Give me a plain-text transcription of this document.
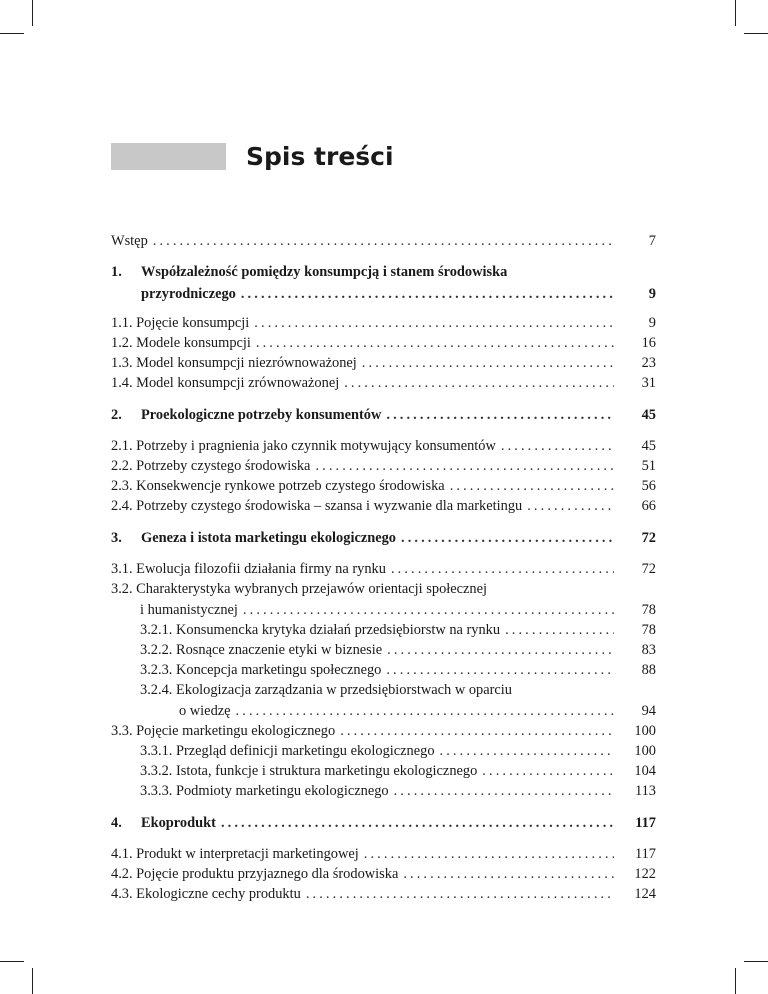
Spis treści
Wstęp .....	7
1.	Współzależność pomiędzy konsumpcją i stanem środowiska
przyrodniczego .....	9
1.1. Pojęcie konsumpcji .....	9
1.2. Modele konsumpcji .....	16
1.3. Model konsumpcji niezrównoważonej .....	23
1.4. Model konsumpcji zrównoważonej .....	31
2.	Proekologiczne potrzeby konsumentów .....	45
2.1. Potrzeby i pragnienia jako czynnik motywujący konsumentów .....	45
2.2. Potrzeby czystego środowiska .....	51
2.3. Konsekwencje rynkowe potrzeb czystego środowiska .....	56
2.4. Potrzeby czystego środowiska – szansa i wyzwanie dla marketingu .....	66
3.	Geneza i istota marketingu ekologicznego .....	72
3.1. Ewolucja filozofii działania firmy na rynku .....	72
3.2. Charakterystyka wybranych przejawów orientacji społecznej
i humanistycznej .....	78
3.2.1. Konsumencka krytyka działań przedsiębiorstw na rynku .....	78
3.2.2. Rosnące znaczenie etyki w biznesie .....	83
3.2.3. Koncepcja marketingu społecznego .....	88
3.2.4. Ekologizacja zarządzania w przedsiębiorstwach w oparciu
o wiedzę .....	94
3.3. Pojęcie marketingu ekologicznego .....	100
3.3.1. Przegląd definicji marketingu ekologicznego .....	100
3.3.2. Istota, funkcje i struktura marketingu ekologicznego .....	104
3.3.3. Podmioty marketingu ekologicznego .....	113
4.	Ekoprodukt .....	117
4.1. Produkt w interpretacji marketingowej .....	117
4.2. Pojęcie produktu przyjaznego dla środowiska .....	122
4.3. Ekologiczne cechy produktu .....	124
